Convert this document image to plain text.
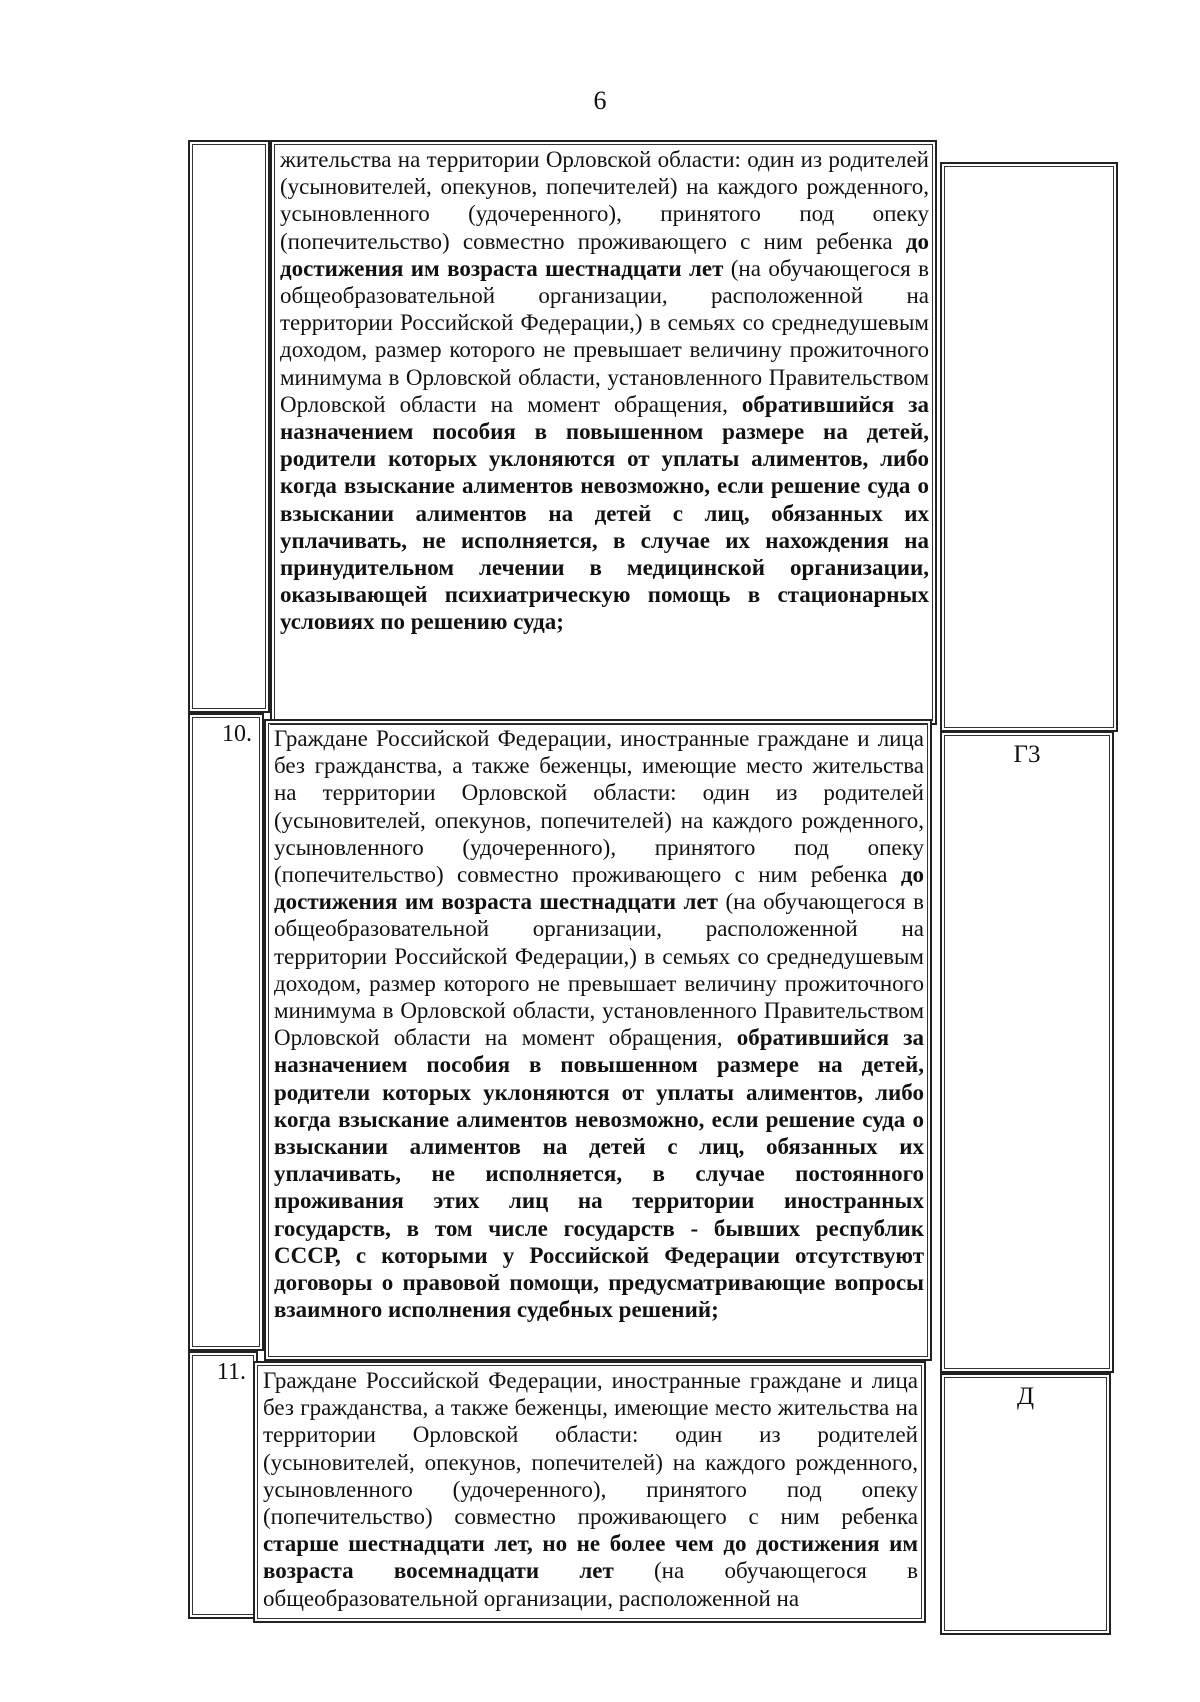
6
жительства на территории Орловской области: один из родителей (усыновителей, опекунов, попечителей) на каждого рожденного, усыновленного (удочеренного), принятого под опеку (попечительство) совместно проживающего с ним ребенка до достижения им возраста шестнадцати лет (на обучающегося в общеобразовательной организации, расположенной на территории Российской Федерации,) в семьях со среднедушевым доходом, размер которого не превышает величину прожиточного минимума в Орловской области, установленного Правительством Орловской области на момент обращения, обратившийся за назначением пособия в повышенном размере на детей, родители которых уклоняются от уплаты алиментов, либо когда взыскание алиментов невозможно, если решение суда о взыскании алиментов на детей с лиц, обязанных их уплачивать, не исполняется, в случае их нахождения на принудительном лечении в медицинской организации, оказывающей психиатрическую помощь в стационарных условиях по решению суда;
10. Граждане Российской Федерации, иностранные граждане и лица без гражданства, а также беженцы, имеющие место жительства на территории Орловской области: один из родителей (усыновителей, опекунов, попечителей) на каждого рожденного, усыновленного (удочеренного), принятого под опеку (попечительство) совместно проживающего с ним ребенка до достижения им возраста шестнадцати лет (на обучающегося в общеобразовательной организации, расположенной на территории Российской Федерации,) в семьях со среднедушевым доходом, размер которого не превышает величину прожиточного минимума в Орловской области, установленного Правительством Орловской области на момент обращения, обратившийся за назначением пособия в повышенном размере на детей, родители которых уклоняются от уплаты алиментов, либо когда взыскание алиментов невозможно, если решение суда о взыскании алиментов на детей с лиц, обязанных их уплачивать, не исполняется, в случае постоянного проживания этих лиц на территории иностранных государств, в том числе государств - бывших республик СССР, с которыми у Российской Федерации отсутствуют договоры о правовой помощи, предусматривающие вопросы взаимного исполнения судебных решений;
Г3
11. Граждане Российской Федерации, иностранные граждане и лица без гражданства, а также беженцы, имеющие место жительства на территории Орловской области: один из родителей (усыновителей, опекунов, попечителей) на каждого рожденного, усыновленного (удочеренного), принятого под опеку (попечительство) совместно проживающего с ним ребенка старше шестнадцати лет, но не более чем до достижения им возраста восемнадцати лет (на обучающегося в общеобразовательной организации, расположенной на
Д
